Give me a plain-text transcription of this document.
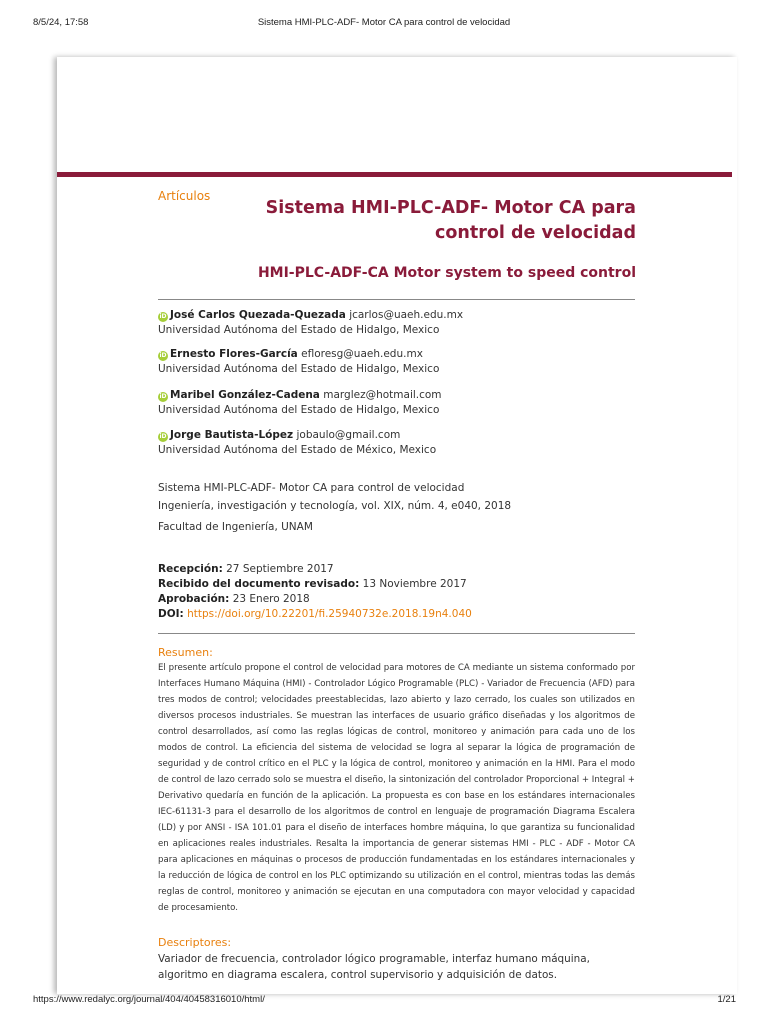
8/5/24, 17:58	Sistema HMI-PLC-ADF- Motor CA para control de velocidad
Artículos
Sistema HMI-PLC-ADF- Motor CA para control de velocidad
HMI-PLC-ADF-CA Motor system to speed control
iD José Carlos Quezada-Quezada jcarlos@uaeh.edu.mx
Universidad Autónoma del Estado de Hidalgo, Mexico
iD Ernesto Flores-García efloresg@uaeh.edu.mx
Universidad Autónoma del Estado de Hidalgo, Mexico
iD Maribel González-Cadena marglez@hotmail.com
Universidad Autónoma del Estado de Hidalgo, Mexico
iD Jorge Bautista-López jobaulo@gmail.com
Universidad Autónoma del Estado de México, Mexico
Sistema HMI-PLC-ADF- Motor CA para control de velocidad
Ingeniería, investigación y tecnología, vol. XIX, núm. 4, e040, 2018
Facultad de Ingeniería, UNAM
Recepción: 27 Septiembre 2017
Recibido del documento revisado: 13 Noviembre 2017
Aprobación: 23 Enero 2018
DOI: https://doi.org/10.22201/fi.25940732e.2018.19n4.040
Resumen:

El presente artículo propone el control de velocidad para motores de CA mediante un sistema conformado por Interfaces Humano Máquina (HMI) - Controlador Lógico Programable (PLC) - Variador de Frecuencia (AFD) para tres modos de control; velocidades preestablecidas, lazo abierto y lazo cerrado, los cuales son utilizados en diversos procesos industriales. Se muestran las interfaces de usuario gráfico diseñadas y los algoritmos de control desarrollados, así como las reglas lógicas de control, monitoreo y animación para cada uno de los modos de control. La eficiencia del sistema de velocidad se logra al separar la lógica de programación de seguridad y de control crítico en el PLC y la lógica de control, monitoreo y animación en la HMI. Para el modo de control de lazo cerrado solo se muestra el diseño, la sintonización del controlador Proporcional + Integral + Derivativo quedaría en función de la aplicación. La propuesta es con base en los estándares internacionales IEC-61131-3 para el desarrollo de los algoritmos de control en lenguaje de programación Diagrama Escalera (LD) y por ANSI - ISA 101.01 para el diseño de interfaces hombre máquina, lo que garantiza su funcionalidad en aplicaciones reales industriales. Resalta la importancia de generar sistemas HMI - PLC - ADF - Motor CA para aplicaciones en máquinas o procesos de producción fundamentadas en los estándares internacionales y la reducción de lógica de control en los PLC optimizando su utilización en el control, mientras todas las demás reglas de control, monitoreo y animación se ejecutan en una computadora con mayor velocidad y capacidad de procesamiento.

Descriptores:

Variador de frecuencia, controlador lógico programable, interfaz humano máquina, algoritmo en diagrama escalera, control supervisorio y adquisición de datos.

https://www.redalyc.org/journal/404/40458316010/html/	1/21
